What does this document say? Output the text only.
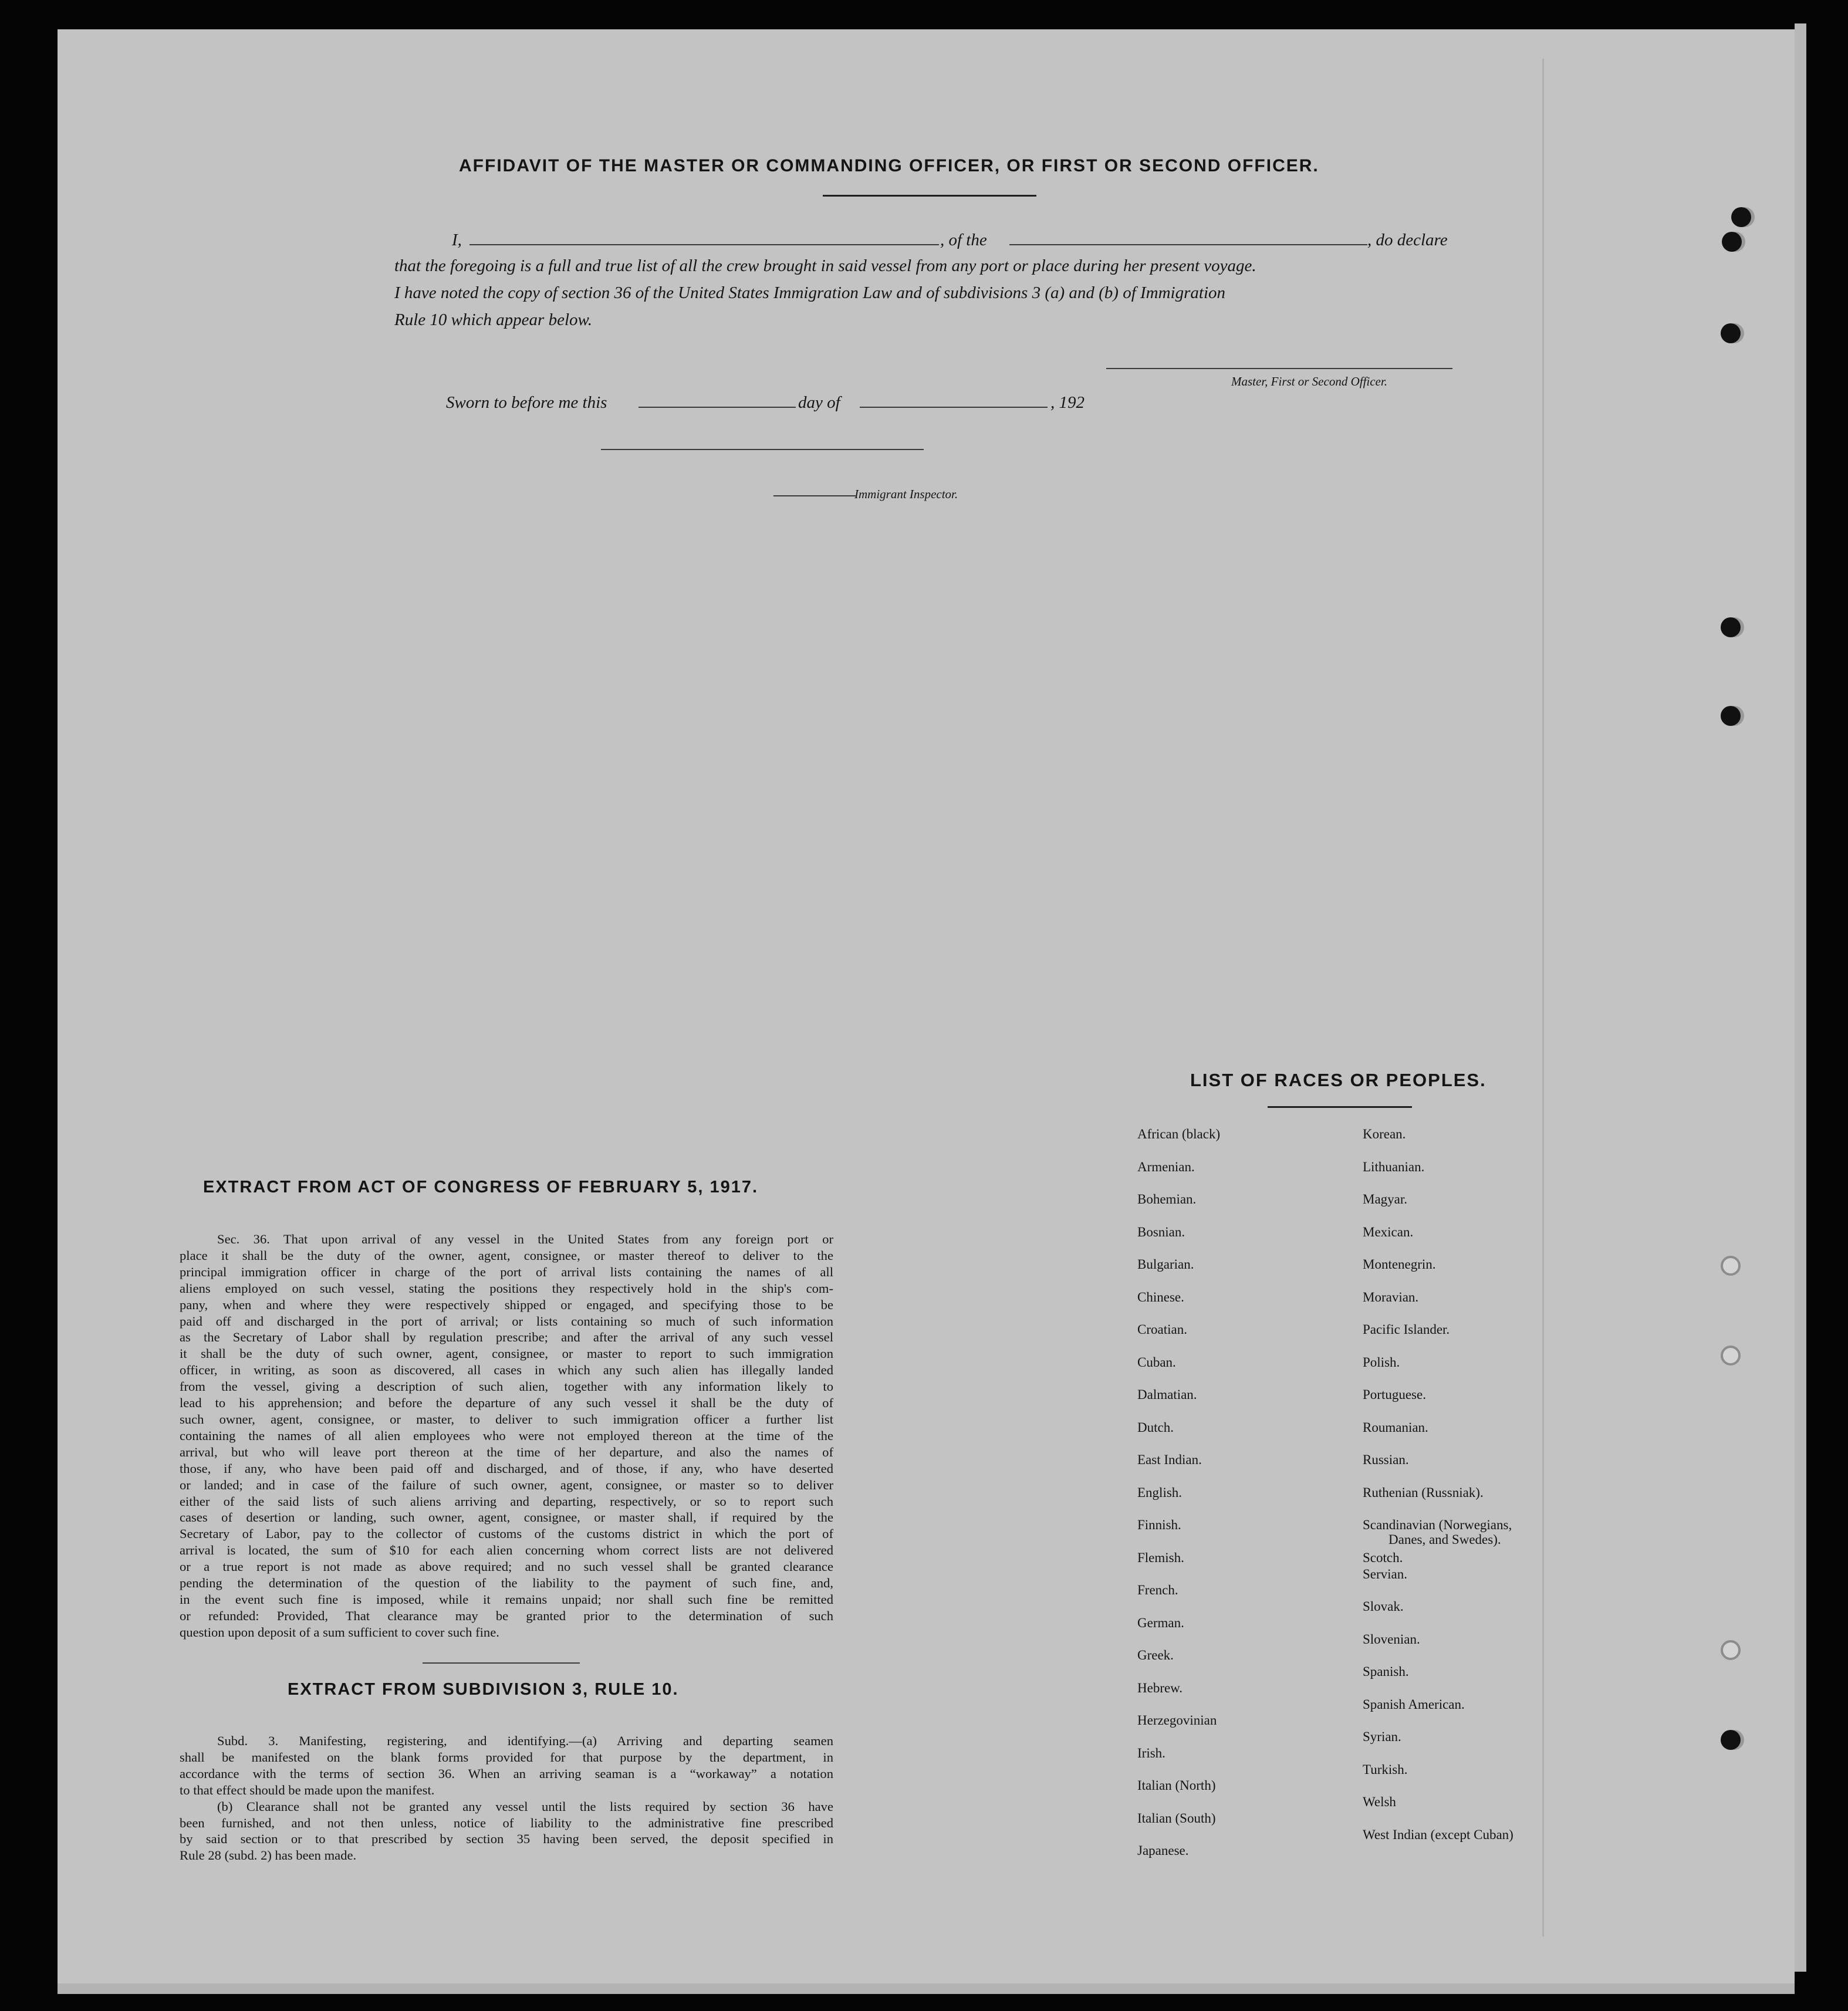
AFFIDAVIT OF THE MASTER OR COMMANDING OFFICER, OR FIRST OR SECOND OFFICER.
I,	, of the	, do declare
that the foregoing is a full and true list of all the crew brought in said vessel from any port or place during her present voyage.
I have noted the copy of section 36 of the United States Immigration Law and of subdivisions 3 (a) and (b) of Immigration
Rule 10 which appear below.
Master, First or Second Officer.
Sworn to before me this	day of	, 192
Immigrant Inspector.
LIST OF RACES OR PEOPLES.
African (black)
Armenian.
Bohemian.
Bosnian.
Bulgarian.
Chinese.
Croatian.
Cuban.
Dalmatian.
Dutch.
East Indian.
English.
Finnish.
Flemish.
French.
German.
Greek.
Hebrew.
Herzegovinian
Irish.
Italian (North)
Italian (South)
Japanese.
Korean.
Lithuanian.
Magyar.
Mexican.
Montenegrin.
Moravian.
Pacific Islander.
Polish.
Portuguese.
Roumanian.
Russian.
Ruthenian (Russniak).
Scandinavian (Norwegians,
Danes, and Swedes).
Scotch.
Servian.
Slovak.
Slovenian.
Spanish.
Spanish American.
Syrian.
Turkish.
Welsh
West Indian (except Cuban)
EXTRACT FROM ACT OF CONGRESS OF FEBRUARY 5, 1917.
Sec. 36. That upon arrival of any vessel in the United States from any foreign port or
place it shall be the duty of the owner, agent, consignee, or master thereof to deliver to the
principal immigration officer in charge of the port of arrival lists containing the names of all
aliens employed on such vessel, stating the positions they respectively hold in the ship's com-
pany, when and where they were respectively shipped or engaged, and specifying those to be
paid off and discharged in the port of arrival; or lists containing so much of such information
as the Secretary of Labor shall by regulation prescribe; and after the arrival of any such vessel
it shall be the duty of such owner, agent, consignee, or master to report to such immigration
officer, in writing, as soon as discovered, all cases in which any such alien has illegally landed
from the vessel, giving a description of such alien, together with any information likely to
lead to his apprehension; and before the departure of any such vessel it shall be the duty of
such owner, agent, consignee, or master, to deliver to such immigration officer a further list
containing the names of all alien employees who were not employed thereon at the time of the
arrival, but who will leave port thereon at the time of her departure, and also the names of
those, if any, who have been paid off and discharged, and of those, if any, who have deserted
or landed; and in case of the failure of such owner, agent, consignee, or master so to deliver
either of the said lists of such aliens arriving and departing, respectively, or so to report such
cases of desertion or landing, such owner, agent, consignee, or master shall, if required by the
Secretary of Labor, pay to the collector of customs of the customs district in which the port of
arrival is located, the sum of $10 for each alien concerning whom correct lists are not delivered
or a true report is not made as above required; and no such vessel shall be granted clearance
pending the determination of the question of the liability to the payment of such fine, and,
in the event such fine is imposed, while it remains unpaid; nor shall such fine be remitted
or refunded: Provided, That clearance may be granted prior to the determination of such
question upon deposit of a sum sufficient to cover such fine.
EXTRACT FROM SUBDIVISION 3, RULE 10.
Subd. 3. Manifesting, registering, and identifying.—(a) Arriving and departing seamen
shall be manifested on the blank forms provided for that purpose by the department, in
accordance with the terms of section 36. When an arriving seaman is a “workaway” a notation
to that effect should be made upon the manifest.
(b) Clearance shall not be granted any vessel until the lists required by section 36 have
been furnished, and not then unless, notice of liability to the administrative fine prescribed
by said section or to that prescribed by section 35 having been served, the deposit specified in
Rule 28 (subd. 2) has been made.
